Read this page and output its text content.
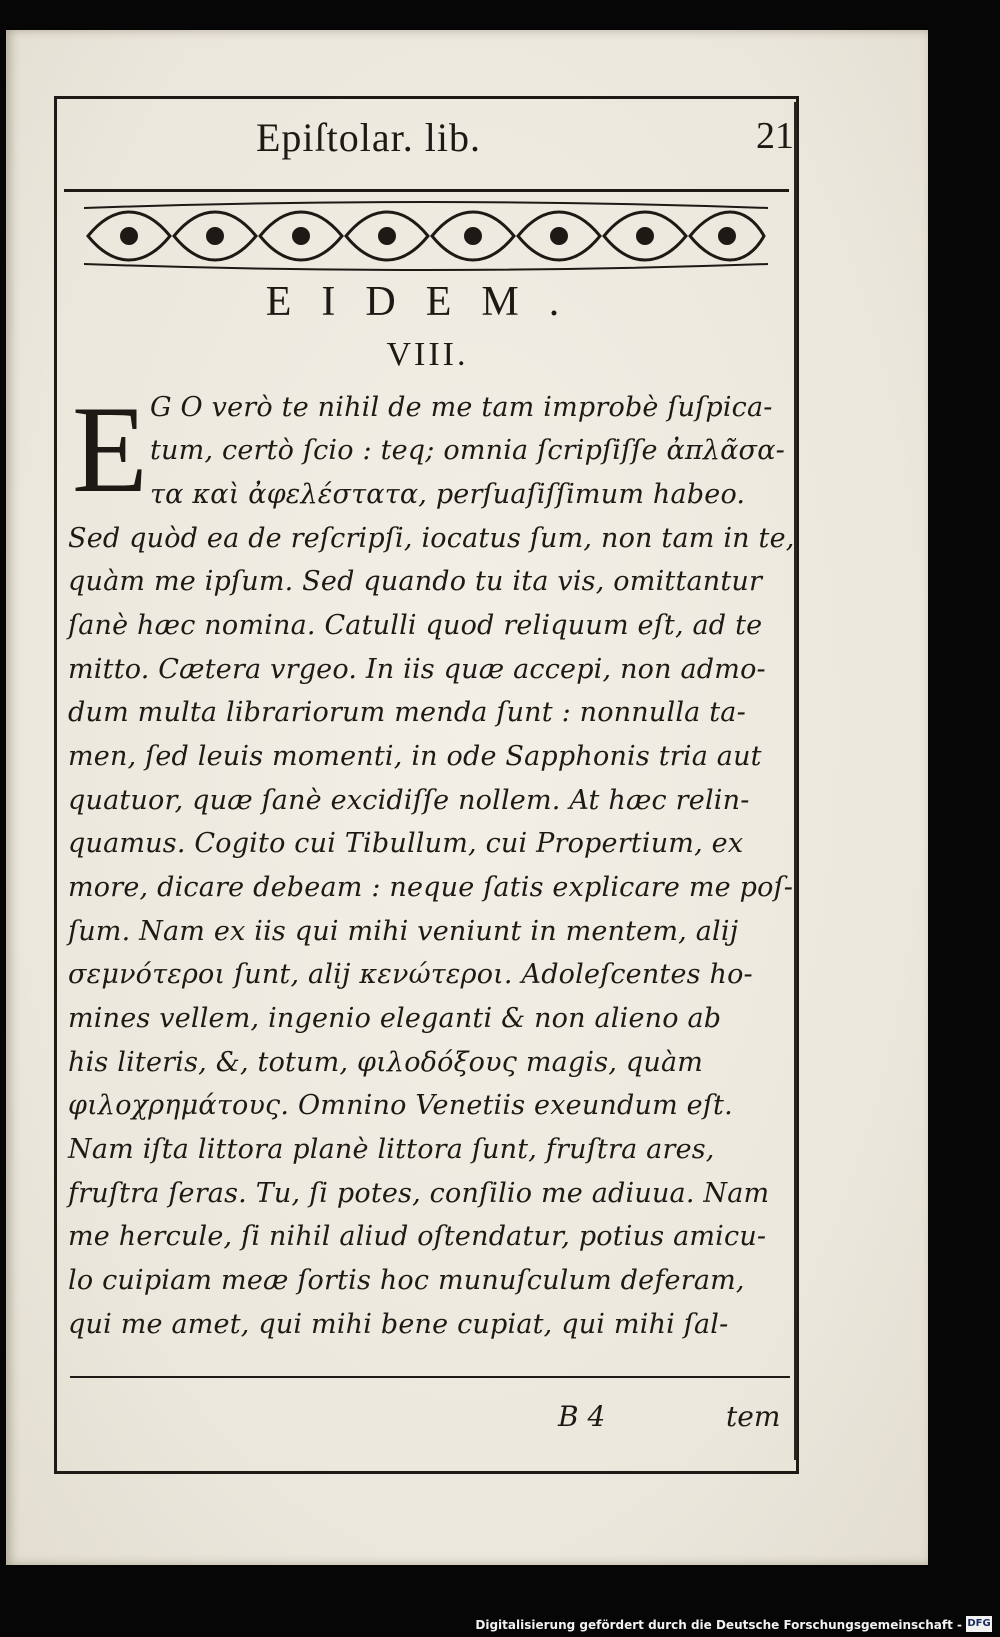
Epiſtolar. lib.	21
EIDEM.
VIII.
E G O verò te nihil de me tam improbè ſuſpica-
tum, certò ſcio : teq; omnia ſcripſiſſe ἀπλᾶσα-
τα καὶ ἀφελέστατα, perſuaſiſſimum habeo.
Sed quòd ea de reſcripſi, iocatus ſum, non tam in te,
quàm me ipſum. Sed quando tu ita vis, omittantur
ſanè hæc nomina. Catulli quod reliquum eſt, ad te
mitto. Cætera vrgeo. In iis quæ accepi, non admo-
dum multa librariorum menda ſunt : nonnulla ta-
men, ſed leuis momenti, in ode Sapphonis tria aut
quatuor, quæ ſanè excidiſſe nollem. At hæc relin-
quamus. Cogito cui Tibullum, cui Propertium, ex
more, dicare debeam : neque ſatis explicare me poſ-
ſum. Nam ex iis qui mihi veniunt in mentem, alij
σεμνότεροι ſunt, alij κενώτεροι. Adoleſcentes ho-
mines vellem, ingenio eleganti & non alieno ab
his literis, &, totum, φιλοδόξους magis, quàm
φιλοχρημάτους. Omnino Venetiis exeundum eſt.
Nam iſta littora planè littora ſunt, fruſtra ares,
fruſtra ſeras. Tu, ſi potes, conſilio me adiuua. Nam
me hercule, ſi nihil aliud oſtendatur, potius amicu-
lo cuipiam meæ ſortis hoc munuſculum deferam,
qui me amet, qui mihi bene cupiat, qui mihi ſal-
B 4	tem
Digitalisierung gefördert durch die Deutsche Forschungsgemeinschaft - DFG
